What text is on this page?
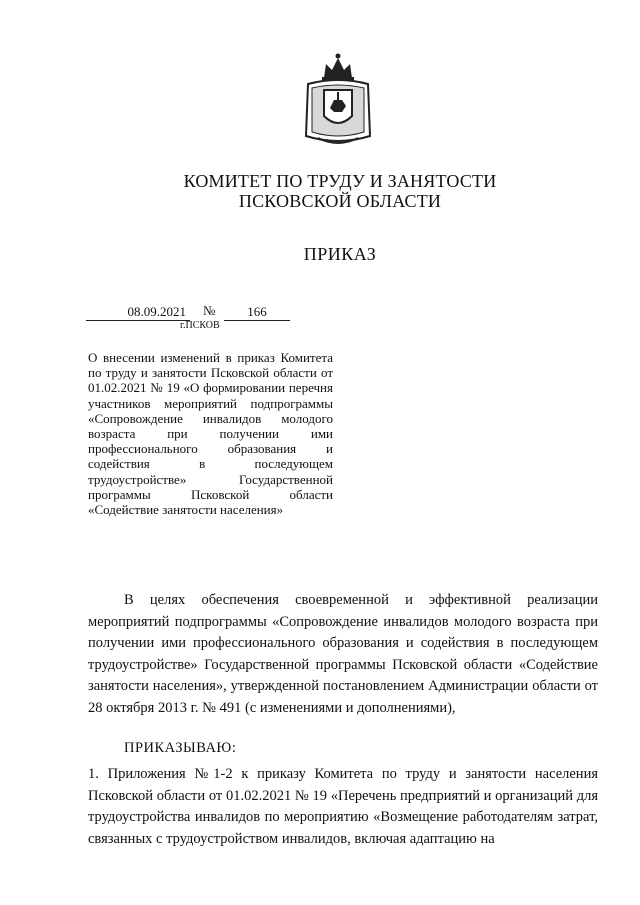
КОМИТЕТ ПО ТРУДУ И ЗАНЯТОСТИ
ПСКОВСКОЙ ОБЛАСТИ
ПРИКАЗ
08.09.2021	№	166
г.ПСКОВ
О внесении изменений в приказ Комитета по труду и занятости Псковской области от 01.02.2021 № 19 «О формировании перечня участников мероприятий подпрограммы «Сопровождение инвалидов молодого возраста при получении ими профессионального образования и содействия в последующем трудоустройстве» Государственной программы Псковской области «Содействие занятости населения»
В целях обеспечения своевременной и эффективной реализации мероприятий подпрограммы «Сопровождение инвалидов молодого возраста при получении ими профессионального образования и содействия в последующем трудоустройстве» Государственной программы Псковской области «Содействие занятости населения», утвержденной постановлением Администрации области от 28 октября 2013 г. № 491 (с изменениями и дополнениями),
ПРИКАЗЫВАЮ:
1. Приложения №1-2 к приказу Комитета по труду и занятости населения Псковской области от 01.02.2021 № 19 «Перечень предприятий и организаций для трудоустройства инвалидов по мероприятию «Возмещение работодателям затрат, связанных с трудоустройством инвалидов, включая адаптацию на
